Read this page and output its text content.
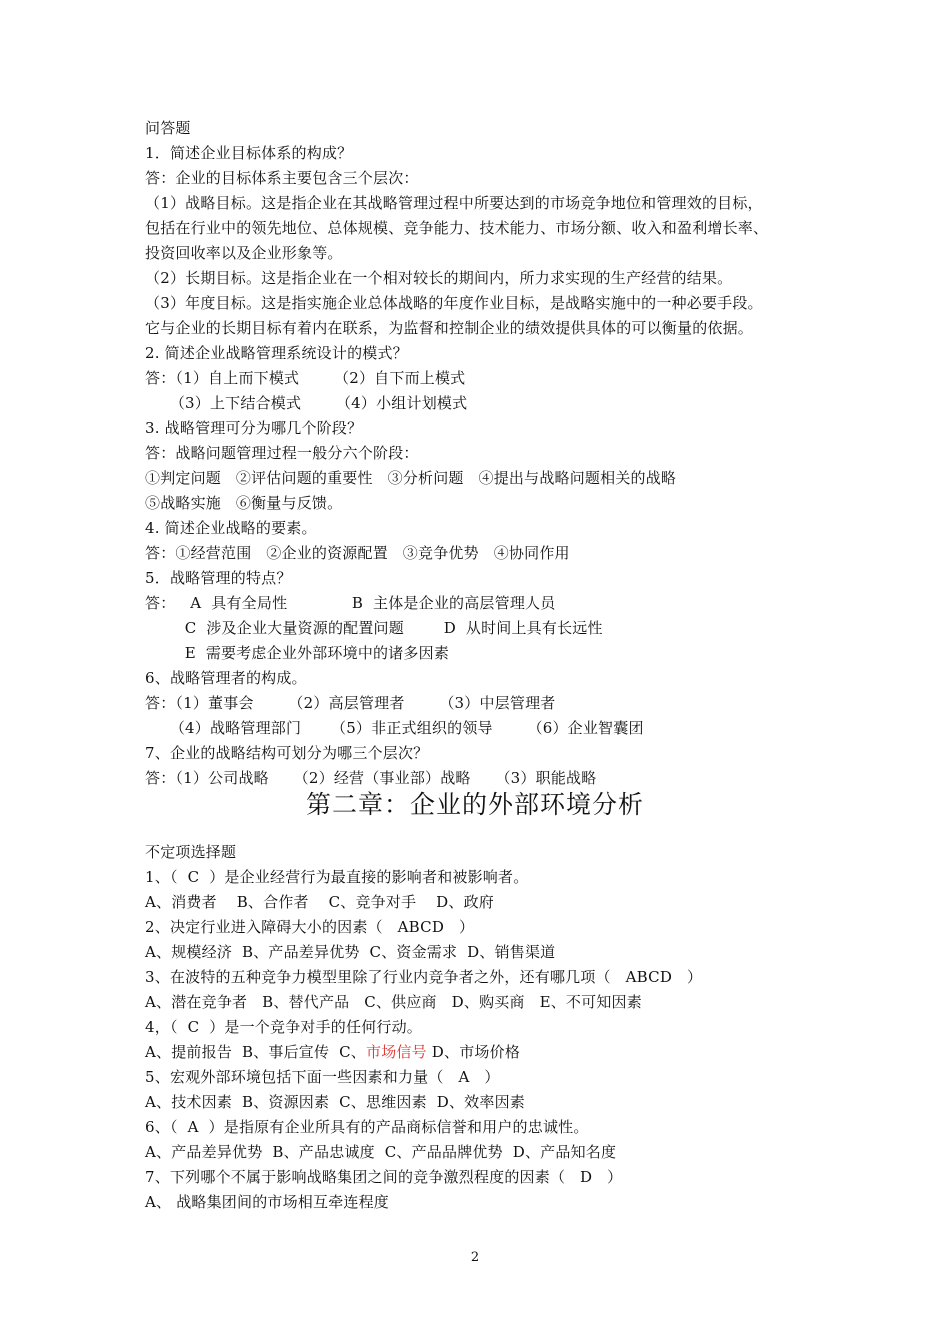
问答题
1．简述企业目标体系的构成？
答：企业的目标体系主要包含三个层次：
（1）战略目标。这是指企业在其战略管理过程中所要达到的市场竞争地位和管理效的目标，
包括在行业中的领先地位、总体规模、竞争能力、技术能力、市场分额、收入和盈利增长率、
投资回收率以及企业形象等。
（2）长期目标。这是指企业在一个相对较长的期间内，所力求实现的生产经营的结果。
（3）年度目标。这是指实施企业总体战略的年度作业目标，是战略实施中的一种必要手段。
它与企业的长期目标有着内在联系，为监督和控制企业的绩效提供具体的可以衡量的依据。
2. 简述企业战略管理系统设计的模式？
答：（1）自上而下模式       （2）自下而上模式
（3）上下结合模式       （4）小组计划模式
3. 战略管理可分为哪几个阶段？
答：战略问题管理过程一般分六个阶段：
①判定问题   ②评估问题的重要性   ③分析问题   ④提出与战略问题相关的战略
⑤战略实施   ⑥衡量与反馈。
4. 简述企业战略的要素。
答：①经营范围   ②企业的资源配置   ③竞争优势   ④协同作用
5．战略管理的特点？
答：   A  具有全局性             B  主体是企业的高层管理人员
C  涉及企业大量资源的配置问题        D  从时间上具有长远性
E  需要考虑企业外部环境中的诸多因素
6、战略管理者的构成。
答：（1）董事会       （2）高层管理者       （3）中层管理者
（4）战略管理部门      （5）非正式组织的领导       （6）企业智囊团
7、企业的战略结构可划分为哪三个层次？
答：（1）公司战略     （2）经营（事业部）战略     （3）职能战略
第二章：企业的外部环境分析
不定项选择题
1、（  C  ）是企业经营行为最直接的影响者和被影响者。
A、消费者    B、合作者    C、竞争对手    D、政府
2、决定行业进入障碍大小的因素（   ABCD   ）
A、规模经济  B、产品差异优势  C、资金需求  D、销售渠道
3、在波特的五种竞争力模型里除了行业内竞争者之外，还有哪几项（   ABCD   ）
A、潜在竞争者   B、替代产品   C、供应商   D、购买商   E、不可知因素
4，（  C  ）是一个竞争对手的任何行动。
A、提前报告  B、事后宣传  C、市场信号 D、市场价格
5、宏观外部环境包括下面一些因素和力量（   A   ）
A、技术因素  B、资源因素  C、思维因素  D、效率因素
6、（  A  ）是指原有企业所具有的产品商标信誉和用户的忠诚性。
A、产品差异优势  B、产品忠诚度  C、产品品牌优势  D、产品知名度
7、下列哪个不属于影响战略集团之间的竞争激烈程度的因素（   D   ）
A、 战略集团间的市场相互牵连程度
2
